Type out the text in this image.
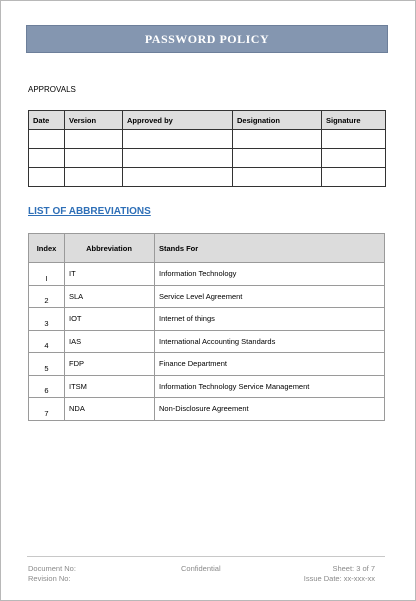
PASSWORD POLICY
APPROVALS
Date	Version	Approved by	Designation	Signature

LIST OF ABBREVIATIONS
Index	Abbreviation	Stands For
I	IT	Information Technology
2	SLA	Service Level Agreement
3	IOT	Internet of things
4	IAS	International Accounting Standards
5	FDP	Finance Department
6	ITSM	Information Technology Service Management
7	NDA	Non-Disclosure Agreement
Document No:
Revision No:
Confidential	Sheet: 3 of 7
Issue Date: xx-xxx-xx
